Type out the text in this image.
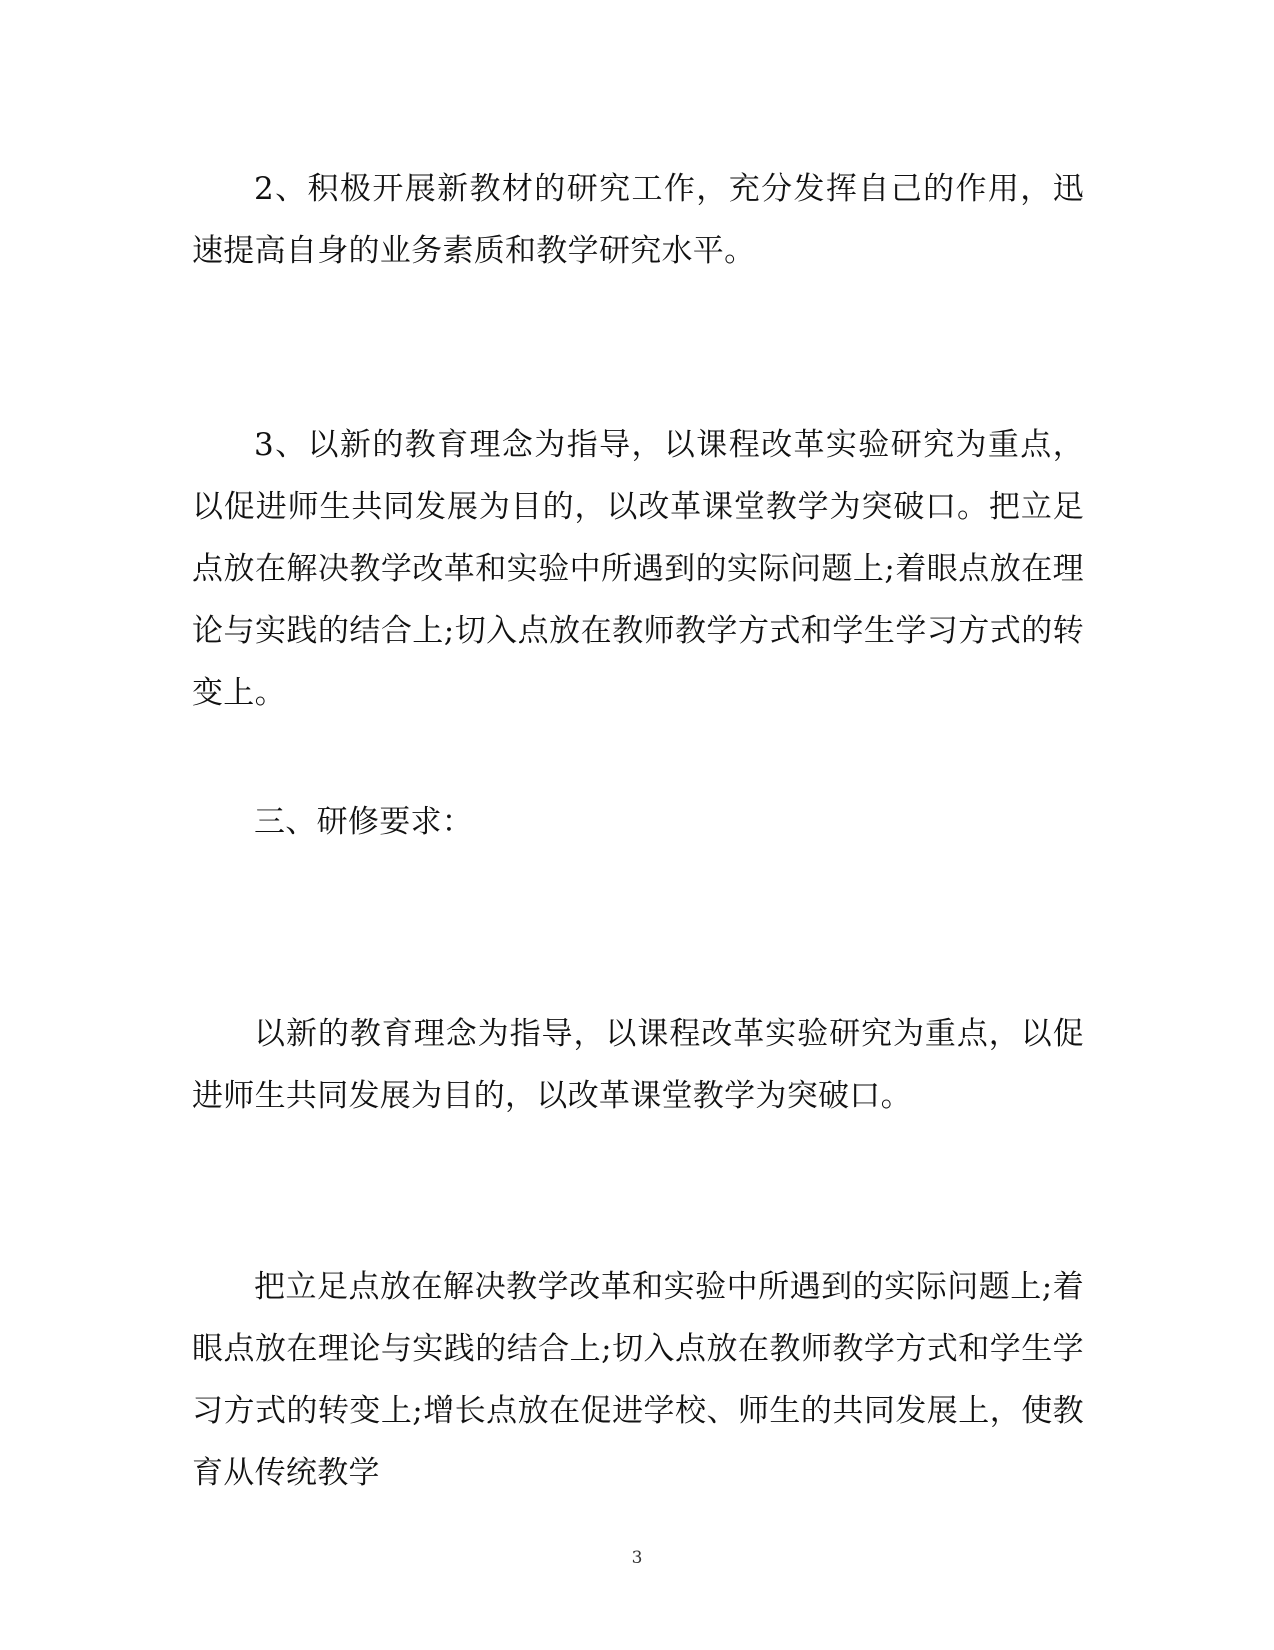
2、积极开展新教材的研究工作，充分发挥自己的作用，迅速提高自身的业务素质和教学研究水平。

3、以新的教育理念为指导，以课程改革实验研究为重点，以促进师生共同发展为目的，以改革课堂教学为突破口。把立足点放在解决教学改革和实验中所遇到的实际问题上;着眼点放在理论与实践的结合上;切入点放在教师教学方式和学生学习方式的转变上。

三、研修要求：

以新的教育理念为指导，以课程改革实验研究为重点，以促进师生共同发展为目的，以改革课堂教学为突破口。

把立足点放在解决教学改革和实验中所遇到的实际问题上;着眼点放在理论与实践的结合上;切入点放在教师教学方式和学生学习方式的转变上;增长点放在促进学校、师生的共同发展上，使教育从传统教学

3
